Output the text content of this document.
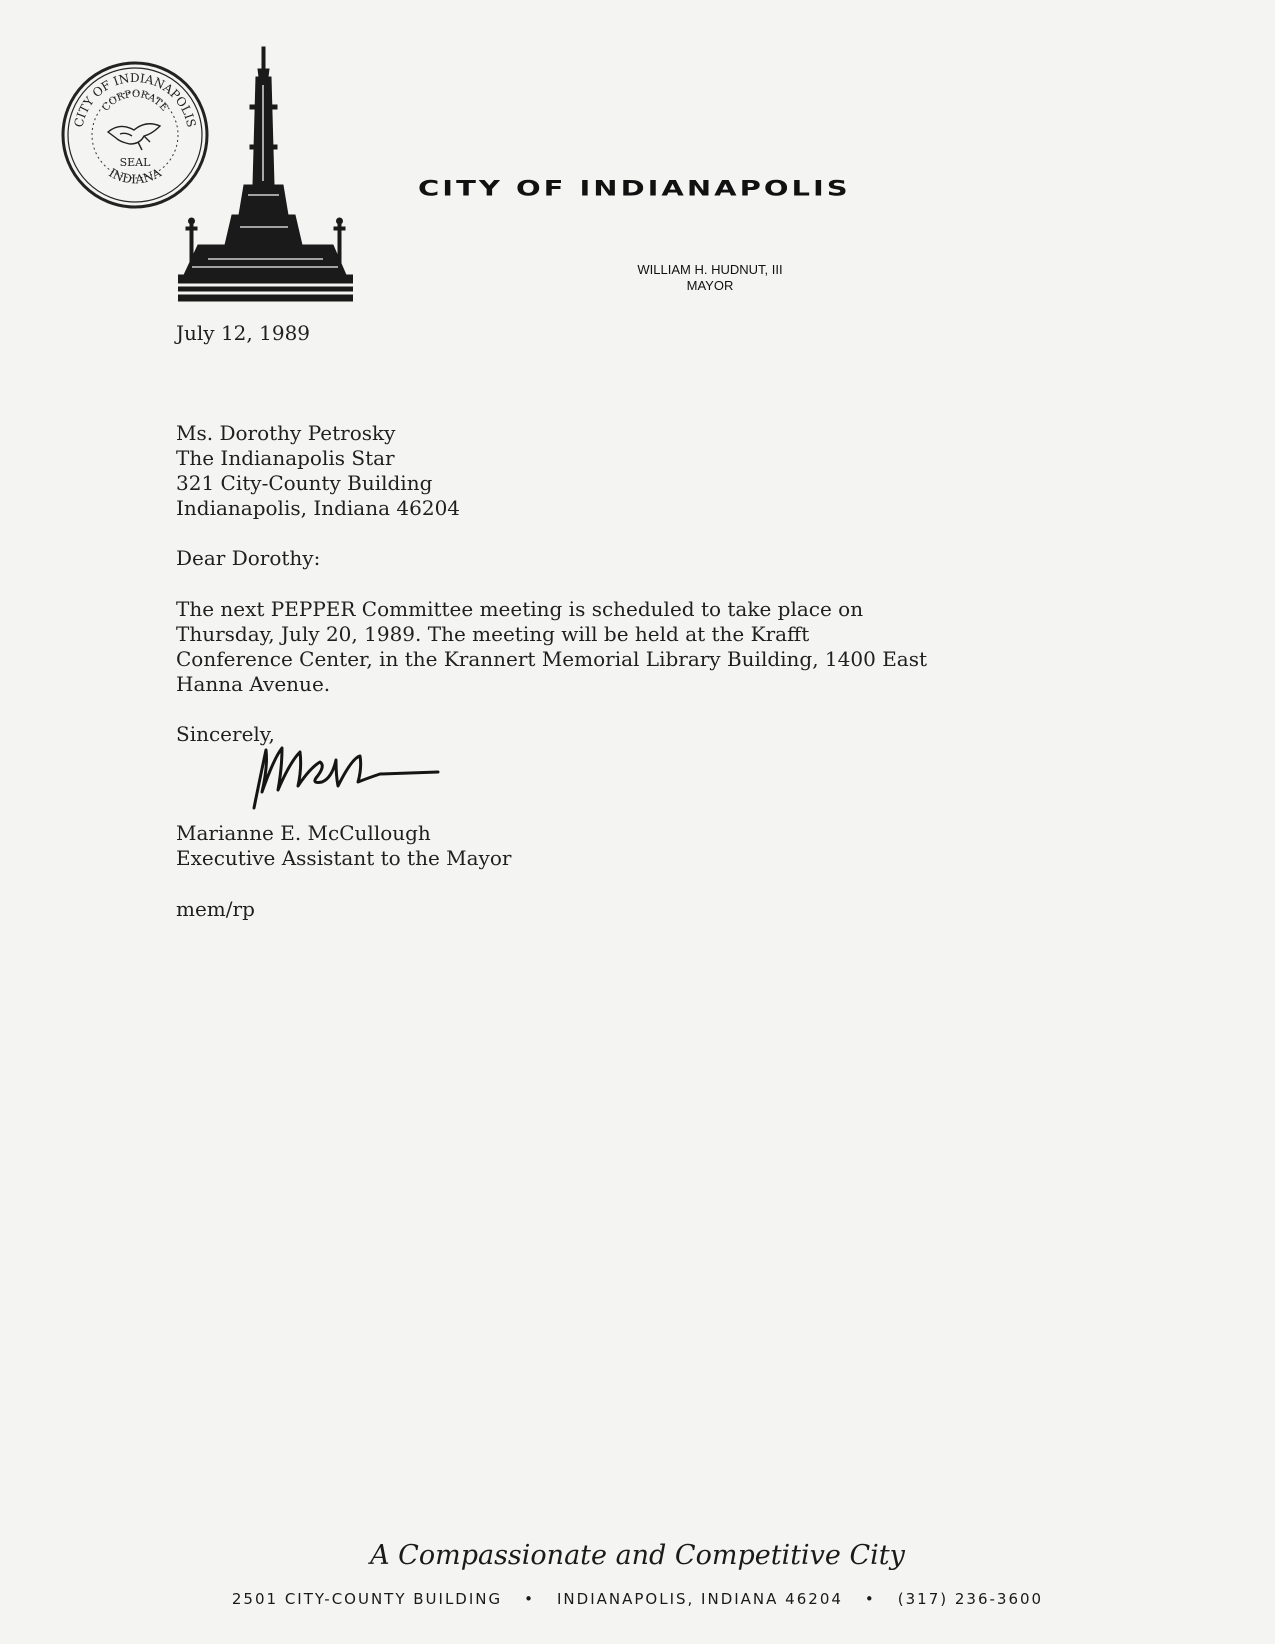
CITY OF INDIANAPOLIS
CORPORATE
SEAL
INDIANA
CITY OF INDIANAPOLIS
WILLIAM H. HUDNUT, III
MAYOR
July 12, 1989
Ms. Dorothy Petrosky
The Indianapolis Star
321 City-County Building
Indianapolis, Indiana 46204
Dear Dorothy:
The next PEPPER Committee meeting is scheduled to take place on
Thursday, July 20, 1989. The meeting will be held at the Krafft
Conference Center, in the Krannert Memorial Library Building, 1400 East
Hanna Avenue.
Sincerely,
Marianne E. McCullough
Executive Assistant to the Mayor
mem/rp
A Compassionate and Competitive City
2501 CITY-COUNTY BUILDING • INDIANAPOLIS, INDIANA 46204 • (317) 236-3600
